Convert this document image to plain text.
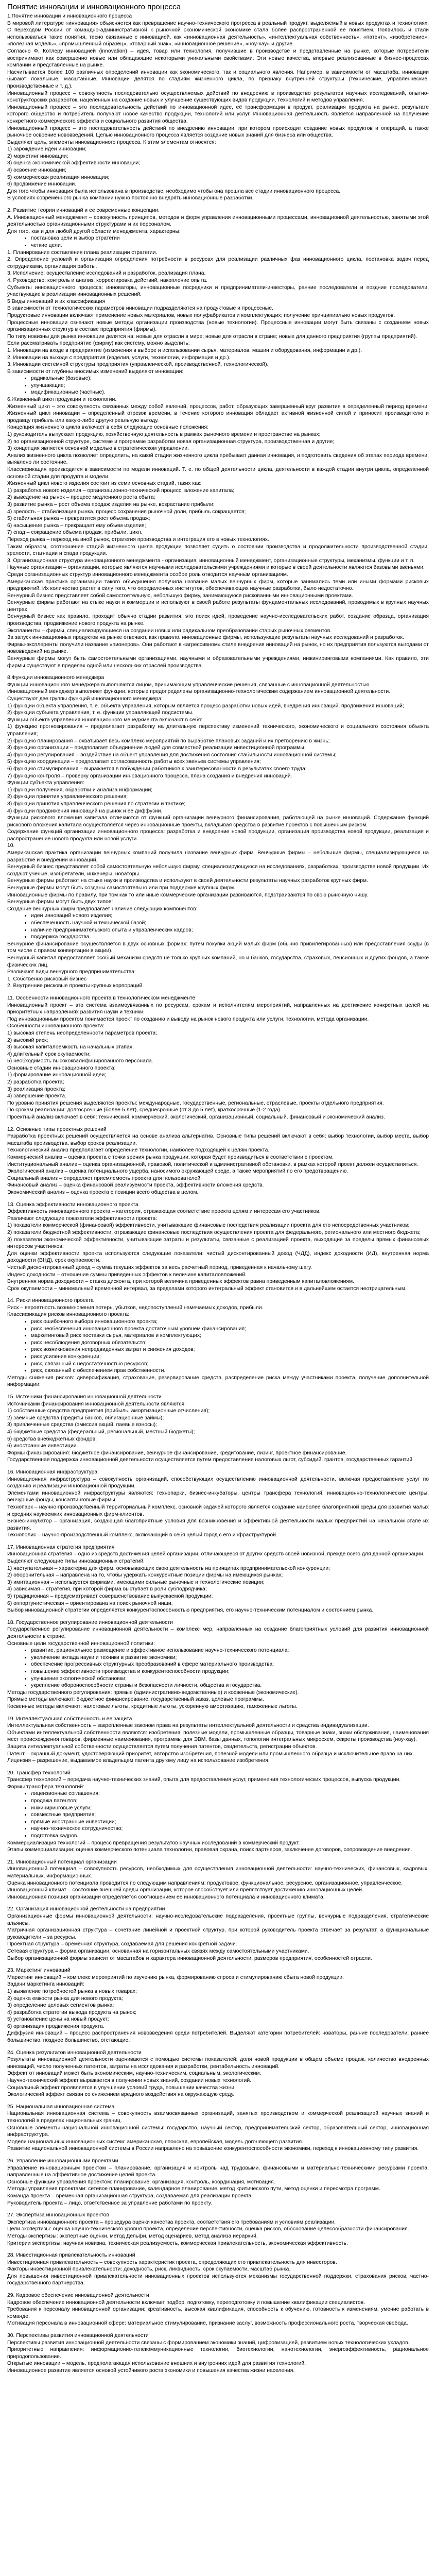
Понятие инновации и инновационного процесса

1.Понятие инновации и инновационного процесса

В мировой литературе «инновация» объясняется как превращение научно-технического прогресса в реальный продукт, выделяемый в новых продуктах и технологиях, С переходом России от командно-административной к рыночной экономической экономике стала более распространенной ее понятием. Появилось и стали использоваться такие понятия, тесно связанные с инновацией, как «инновационная деятельность», «интеллектуальная собственность», «патент», «изобретение», «полезная модель», «промышленный образец», «товарный знак», «инновационное решение», «ноу-хау» и другие.

Согласно Ф. Котлеру инновацией (innovation) – идея, товар или технология, получившие в производстве и представленные на рынке, которые потребители воспринимают как совершенно новые или обладающие некоторыми уникальными свойствами. Эти новые качества, впервые реализованные в бизнес-процессах компании и представленные на рынке.

Насчитывается более 100 различных определений инновации как экономического, так и социального явления. Например, в зависимости от масштаба, инновации бывают локальные, масштабные. Инновации делятся по стадиям жизненного цикла, по признаку внутренней структуры (технические, управленческие, производственные и т. д.).

Инновационный процесс – совокупность последовательно осуществляемых действий по внедрению в производство результатов научных исследований, опытно-конструкторских разработок, нацеленных на создание новых и улучшение существующих видов продукции, технологий и методов управления.

Инновационный процесс – это последовательность действий по инновационной идее, её трансформации в продукт, реализация продукта на рынке, результате которого общество и потребитель получают новое качество продукции, технологий или услуг. Инновационная деятельность является направленной на получение конкретного коммерческого эффекта и социального развития общества.

Инновационный процесс – это последовательность действий по внедрению инновации, при котором происходит создание новых продуктов и операций, а также рыночное освоение нововведений. Целью инновационного процесса является создание новых знаний для бизнеса или общества.

Выделяют цель, элементы инновационного процесса. К этим элементам относятся:

1) зарождение идеи инновации;

2) маркетинг инновации;

3) оценка экономической эффективности инновации;

4) освоение инновации;

5) коммерческая реализация инновации;

6) продвижение инновации.

Для того чтобы инновация была использована в производстве, необходимо чтобы она прошла все стадии инновационного процесса.

В условиях современного рынка компании нужно постоянно внедрять инновационные разработки.

2. Развитие теории инноваций и ее современные концепции.

А. Инновационный менеджмент – совокупность принципов, методов и форм управления инновационными процессами, инновационной деятельностью, занятыми этой деятельностью организационными структурами и их персоналом.

Для того, как и для любой другой области менеджмента, характерны:

• постановка цели и выбор стратегии
• четкие цели.

1. Планирование составления плана реализации стратегии.

2. Определение условий и организация определения потребности в ресурсах для реализации различных фаз инновационного цикла, постановка задач перед сотрудниками, организация работы.

3. Исполнение: осуществление исследований и разработок, реализация плана.

4. Руководство: контроль и анализ, корректировка действий, накопление опыта.

Субъекты инновационного процесса: инноваторы, инновационные посредники и предприниматели-инвесторы, ранние последователи и поздние последователи, участвующие в реализации инновационных решений.

5 Виды инноваций и их классификация

В зависимости от технологических параметров инновации подразделяются на продуктовые и процессные.

Продуктовые инновации включают применение новых материалов, новых полуфабрикатов и комплектующих; получение принципиально новых продуктов.

Процессные инновации означают новые методы организации производства (новые технологии). Процессные инновации могут быть связаны с созданием новых организационных структур в составе предприятия (фирмы).

По типу новизны для рынка инновации делятся на: новые для отрасли в мире; новые для отрасли в стране; новые для данного предприятия (группы предприятий).

Если рассматривать предприятие (фирму) как систему, можно выделить:

1. Инновации на входе в предприятие (изменения в выборе и использовании сырья, материалов, машин и оборудования, информации и др.).

2. Инновации на выходе с предприятия (изделия, услуги, технологии, информация и др.).

3. Инновации системной структуры предприятия (управленческой, производственной, технологической).

В зависимости от глубины вносимых изменений выделяют инновации:

• радикальные (базовые);
• улучшающие;
• модификационные (частные).

6.Жизненный цикл продукции и технологии.

Жизненный цикл – это совокупность связанных между собой явлений, процессов, работ, образующих завершенный круг развития в определенный период времени. Жизненный цикл инновации – определенный отрезок времени, в течение которого инновация обладает активной жизненной силой и приносит производителю и продавцу прибыль или какую-либо другую реальную выгоду.

Концепция жизненного цикла включает в себя следующие основные положения:

1) руководитель выпускает продукцию, хозяйственную деятельность в рамках рыночного времени и пространстве на рынках;

2) по организационной структуре, системе и программе разработки новая организационная структура, производственная и другие;

3) концепция является основной моделью в стратегическом управлении.

Анализ жизненного цикла позволяет определить, на какой стадии жизненного цикла пребывает данная инновация, и подготовить сведения об этапах периода времени, выявлено ли состояние.

Классификация производится в зависимости по модели инноваций. Т. е. по общей деятельности цикла, деятельности в каждой стадии внутри цикла, определенной основной стадии для продукта и модели.

Жизненный цикл нового изделия состоит из семи основных стадий, таких как:

1) разработка нового изделия – организационно-технический процесс, вложение капитала;

2) выведение на рынок – процесс медленного роста сбыта;

3) развитие рынка – рост объема продаж изделия на рынке, возрастание прибыли;

4) зрелость – стабилизация рынка, процесс сохранения рыночной доли, прибыль сокращается;

5) стабильная рынка – превратится рост объема продаж;

6) насыщение рынка – прекращает ему объем изделия;

7) спад – сокращение объема продаж, прибыли, цикл.

Переход рынка – переход на иной рынок, стратегия производства и интеграция его в новых технологиях.

Таким образом, соотношение стадий жизненного цикла продукции позволяет судить о состоянии производства и продолжительности производственной стадии, зрелости, стагнации и спада продукции.

3. Организационная структура инновационного менеджмента - организация, инновационный менеджмент, организационные структуры, механизмы, функции и т. п.

Научные организации – организации, которые являются научными исследовательскими учреждениями и которые в своей деятельности являются базовыми звеньями.

Среди организационных структур инновационного менеджмента особое роль отводится научным организациям.

Американская практика организации такого объединения получила название малых венчурных фирм, которые занимались теми или иными формами рисковых предприятий. Их количество растет в силу того, что определенных институтов, обеспечивающих научные разработки, было недостаточно.

Венчурный бизнес представляет собой самостоятельную, небольшую фирму, занимающуюся рискованными инновационными проектами.

Венчурные фирмы работают на стыке науки и коммерции и используют в своей работе результаты фундаментальных исследований, проводимых в крупных научных центрах.

Венчурный бизнес как правило, проходит обычно стадии развития: это поиск идей, проведение научно-исследовательских работ, создание образца, организация производства, продвижение нового продукта на рынке.

Экспланенты – фирмы, специализирующиеся на создании новых или радикальном преобразовании старых рыночных сегментов.

За запуск инновационных продуктов на рынке отвечают, как правило, инновационные фирмы, использующие результаты научных исследований и разработок.

Фирмы-эксплеренты получили название «пионеров». Они работают в «агрессивном» стиле внедрения инноваций на рынок, но их предприятия пользуются выгодами от нововведений на рынке.

Венчурные фирмы могут быть самостоятельными организациями, научными и образовательными учреждениями, инжиниринговыми компаниями. Как правило, эти фирмы существуют в пределах одной или нескольких отраслей производства.

8.Функции инновационного менеджера

Функции инновационного менеджера выполняются лицом, принимающим управленческие решения, связанные с инновационной деятельностью.

Инновационный менеджер выполняет функции, которые предопределены организационно-технологическим содержанием инновационной деятельности.

Существуют две группы функций инновационного менеджера:

1) функции объекта управления, т. е. объекта управления, которым является процесс разработки новых идей, внедрения инноваций, продвижения инноваций;

2) функции субъекта управления, т. е. функции управляющей подсистемы.

Функции объекта управления инновационного менеджмента включают в себя:

1) функцию прогнозирования – предполагает разработку на длительную перспективу изменений технического, экономического и социального состояния объекта управления;

2) функцию планирования – охватывает весь комплекс мероприятий по выработке плановых заданий и их претворению в жизнь;

3) функцию организации – предполагает объединение людей для совместной реализации инвестиционной программы;

4) функцию регулирования – воздействие на объект управления для достижения состояния стабильности инновационной системы;

5) функцию координации – предполагает согласованность работы всех звеньев системы управления;

6) функцию стимулирования – выражается в побуждении работников к заинтересованности в результатах своего труда;

7) функцию контроля – проверку организации инновационного процесса, плана создания и внедрения инноваций.

Функции субъекта управления:

1) функции получения, обработки и анализа информации;

2) функции принятия управленческого решения;

3) функции принятия управленческого решения по стратегии и тактике;

4) функции продвижения инноваций на рынок и ее диффузии.

Функции рискового вложения капитала отличаются от функций организации венчурного финансирования, работающей на рынке инноваций. Содержание функций рискового вложения капитала осуществляется через инновационные проекты, вкладывая средства в развитие проектов с повышенным риском.

Содержание функций организации инновационного процесса: разработка и внедрение новой продукции, организация производства новой продукции, реализация и распространение нового продукта или новой услуги.

10.

Американская практика организации венчурных компаний получила название венчурных фирм. Венчурные фирмы – небольшие фирмы, специализирующиеся на разработке и внедрении инноваций.

Венчурный бизнес представляет собой самостоятельную небольшую фирму, специализирующуюся на исследованиях, разработках, производстве новой продукции. Их создают ученые, изобретатели, инженеры, новаторы.

Венчурные фирмы работают на стыке науки и производства и используют в своей деятельности результаты научных разработок крупных фирм.

Венчурные фирмы могут быть созданы самостоятельно или при поддержке крупных фирм.

Инновационные фирмы по правилу, при том как то или иные коммерческие организации развиваются, подстраиваются по свою рыночную нишу.

Венчурные фирмы могут быть двух типов:

Создание венчурных фирм предполагает наличие следующих компонентов:

• идеи инноваций нового изделия;
• обеспеченность научной и технической базой;
• наличие предпринимательского опыта и управленческих кадров;
• поддержка государства.

Венчурное финансирование осуществляется в двух основных формах: путем покупки акций малых фирм (обычно привилегированных) или предоставления ссуды (в том числе с правом конвертации в акции).

Венчурный капитал предоставляет особый механизм средств не только крупных компаний, но и банков, государства, страховых, пенсионных и других фондов, а также физических лиц.

Различают виды венчурного предпринимательства:

1. Собственно рисковый бизнес

2. Внутренние рисковые проекты крупных корпораций.

11. Особенности инновационного проекта в технологическом менеджменте

Инновационный проект – это система взаимоувязанных по ресурсам, срокам и исполнителям мероприятий, направленных на достижение конкретных целей на приоритетных направлениях развития науки и техники.

Под инновационным проектом понимается проект по созданию и выводу на рынок нового продукта или услуги, технологии, метода организации.

Особенности инновационного проекта:

1) высокая степень неопределенности параметров проекта;

2) высокий риск;

3) высокая капиталоемкость на начальных этапах;

4) длительный срок окупаемости;

5) необходимость высококвалифицированного персонала.

Основные стадии инновационного проекта:

1) формирование инновационной идеи;

2) разработка проекта;

3) реализация проекта;

4) завершение проекта.

По уровню принятия решения выделяются проекты: международные, государственные, региональные, отраслевые, проекты отдельного предприятия.

По срокам реализации: долгосрочные (более 5 лет), среднесрочные (от 3 до 5 лет), краткосрочные (1-2 года).

Проектный анализ включает в себя: технический, коммерческий, экологический, организационный, социальный, финансовый и экономический анализ.

12. Основные типы проектных решений

Разработка проектных решений осуществляется на основе анализа альтернатив. Основные типы решений включают в себя: выбор технологии, выбор места, выбор масштаба производства, выбор сроков реализации.

Технологический анализ предполагает определение технологии, наиболее подходящей к целям проекта.

Коммерческий анализ – оценка проекта с точки зрения рынка продукции, которая будет производиться в соответствии с проектом.

Институциональный анализ – оценка организационной, правовой, политической и административной обстановки, в рамках которой проект должен осуществляться.

Экологический анализ – оценка потенциального ущерба, наносимого окружающей среде, а также мероприятий по его предотвращению.

Социальный анализ – определяет приемлемость проекта для пользователей.

Финансовый анализ – оценка финансовой реализуемости проекта, эффективности вложения средств.

Экономический анализ – оценка проекта с позиции всего общества в целом.

13. Оценка эффективности инновационного проекта

Эффективность инновационного проекта – категория, отражающая соответствие проекта целям и интересам его участников.

Различают следующие показатели эффективности проекта:

1) показатели коммерческой (финансовой) эффективности, учитывающие финансовые последствия реализации проекта для его непосредственных участников;

2) показатели бюджетной эффективности, отражающие финансовые последствия осуществления проекта для федерального, регионального или местного бюджета;

3) показатели экономической эффективности, учитывающие затраты и результаты, связанные с реализацией проекта, выходящие за пределы прямых финансовых интересов участников.

Для оценки эффективности проекта используются следующие показатели: чистый дисконтированный доход (ЧДД), индекс доходности (ИД), внутренняя норма доходности (ВНД), срок окупаемости.

Чистый дисконтированный доход – сумма текущих эффектов за весь расчетный период, приведенная к начальному шагу.

Индекс доходности – отношение суммы приведенных эффектов к величине капиталовложений.

Внутренняя норма доходности – ставка дисконта, при которой величина приведенных эффектов равна приведенным капиталовложениям.

Срок окупаемости – минимальный временной интервал, за пределами которого интегральный эффект становится и в дальнейшем остается неотрицательным.

14. Риски инновационного проекта

Риск – вероятность возникновения потерь, убытков, недопоступлений намечаемых доходов, прибыли.

Классификация рисков инновационного проекта:

• риск ошибочного выбора инновационного проекта;
• риск необеспечения инновационного проекта достаточным уровнем финансирования;
• маркетинговый риск поставки сырья, материалов и комплектующих;
• риск несоблюдения договорных обязательств;
• риск возникновения непредвиденных затрат и снижения доходов;
• риск усиления конкуренции;
• риск, связанный с недостаточностью ресурсов;
• риск, связанный с обеспечением прав собственности.

Методы снижения рисков: диверсификация, страхование, резервирование средств, распределение риска между участниками проекта, получение дополнительной информации.

15. Источники финансирования инновационной деятельности

Источниками финансирования инновационной деятельности являются:

1) собственные средства предприятия (прибыль, амортизационные отчисления);

2) заемные средства (кредиты банков, облигационные займы);

3) привлеченные средства (эмиссия акций, паевые взносы);

4) бюджетные средства (федеральный, региональный, местный бюджеты);

5) средства внебюджетных фондов;

6) иностранные инвестиции.

Формы финансирования: бюджетное финансирование, венчурное финансирование, кредитование, лизинг, проектное финансирование.

Государственная поддержка инновационной деятельности осуществляется путем предоставления налоговых льгот, субсидий, грантов, государственных гарантий.

16. Инновационная инфраструктура

Инновационная инфраструктура – совокупность организаций, способствующих осуществлению инновационной деятельности, включая предоставление услуг по созданию и реализации инновационной продукции.

Элементами инновационной инфраструктуры являются: технопарки, бизнес-инкубаторы, центры трансфера технологий, инновационно-технологические центры, венчурные фонды, консалтинговые фирмы.

Технопарк – научно-производственный территориальный комплекс, основной задачей которого является создание наиболее благоприятной среды для развития малых и средних наукоемких инновационных фирм-клиентов.

Бизнес-инкубатор – организация, создающая благоприятные условия для возникновения и эффективной деятельности малых предприятий на начальном этапе их развития.

Технополис – научно-производственный комплекс, включающий в себя целый город с его инфраструктурой.

17. Инновационная стратегия предприятия

Инновационная стратегия – одно из средств достижения целей организации, отличающееся от других средств своей новизной, прежде всего для данной организации.

Выделяют следующие типы инновационных стратегий:

1) наступательная – характерна для фирм, основывающих свою деятельность на принципах предпринимательской конкуренции;

2) оборонительная – направлена на то, чтобы удержать конкурентные позиции фирмы на имеющихся рынках;

3) имитационная – используется фирмами, имеющими сильные рыночные и технологические позиции;

4) зависимая – стратегия, при которой фирма выступает в роли субподрядчика;

5) традиционная – предусматривает совершенствование выпускаемой продукции;

6) оппортунистическая – ориентирована на поиск рыночной ниши.

Выбор инновационной стратегии определяется конкурентоспособностью предприятия, его научно-техническим потенциалом и состоянием рынка.

18. Государственное регулирование инновационной деятельности

Государственное регулирование инновационной деятельности – комплекс мер, направленных на создание благоприятных условий для развития инновационной деятельности в стране.

Основные цели государственной инновационной политики:

• развитие, рациональное размещение и эффективное использование научно-технического потенциала;
• увеличение вклада науки и техники в развитие экономики;
• обеспечение прогрессивных структурных преобразований в сфере материального производства;
• повышение эффективности производства и конкурентоспособности продукции;
• улучшение экологической обстановки;
• укрепление обороноспособности страны и безопасности личности, общества и государства.

Методы государственного регулирования: прямые (административно-ведомственные) и косвенные (экономические).

Прямые методы включают: бюджетное финансирование, государственный заказ, целевые программы.

Косвенные методы включают: налоговые льготы, кредитные льготы, ускоренную амортизацию, таможенные льготы.

19. Интеллектуальная собственность и ее защита

Интеллектуальная собственность – закрепленные законом права на результаты интеллектуальной деятельности и средства индивидуализации.

Объектами интеллектуальной собственности являются: изобретения, полезные модели, промышленные образцы, товарные знаки, знаки обслуживания, наименования мест происхождения товаров, фирменные наименования, программы для ЭВМ, базы данных, топологии интегральных микросхем, секреты производства (ноу-хау).

Защита интеллектуальной собственности осуществляется путем получения патентов, свидетельств, регистрации объектов.

Патент – охранный документ, удостоверяющий приоритет, авторство изобретения, полезной модели или промышленного образца и исключительное право на них.

Лицензия – разрешение, выдаваемое владельцем патента другому лицу на использование изобретения.

20. Трансфер технологий

Трансфер технологий – передача научно-технических знаний, опыта для предоставления услуг, применения технологических процессов, выпуска продукции.

Формы трансфера технологий:

• лицензионные соглашения;
• продажа патентов;
• инжиниринговые услуги;
• совместные предприятия;
• прямые иностранные инвестиции;
• научно-техническое сотрудничество;
• подготовка кадров.

Коммерциализация технологий – процесс превращения результатов научных исследований в коммерческий продукт.

Этапы коммерциализации: оценка коммерческого потенциала технологии, правовая охрана, поиск партнеров, заключение договоров, сопровождение внедрения.

21. Инновационный потенциал организации

Инновационный потенциал – совокупность ресурсов, необходимых для осуществления инновационной деятельности: научно-технических, финансовых, кадровых, материальных, информационных.

Оценка инновационного потенциала проводится по следующим направлениям: продуктовое, функциональное, ресурсное, организационное, управленческое.

Инновационный климат – состояние внешней среды организации, которое способствует или препятствует достижению инновационных целей.

Инновационная позиция организации определяется соотношением ее инновационного потенциала и инновационного климата.

22. Организация инновационной деятельности на предприятии

Организационные формы инновационной деятельности: научно-исследовательские подразделения, проектные группы, венчурные подразделения, стратегические альянсы.

Матричная организационная структура – сочетание линейной и проектной структур, при которой руководитель проекта отвечает за результат, а функциональные руководители – за ресурсы.

Проектная структура – временная структура, создаваемая для решения конкретной задачи.

Сетевая структура – форма организации, основанная на горизонтальных связях между самостоятельными участниками.

Выбор организационной формы зависит от масштабов и характера инновационной деятельности, размеров предприятия, особенностей отрасли.

23. Маркетинг инноваций

Маркетинг инноваций – комплекс мероприятий по изучению рынка, формированию спроса и стимулированию сбыта новой продукции.

Задачи маркетинга инноваций:

1) выявление потребностей рынка в новых товарах;

2) оценка емкости рынка для нового продукта;

3) определение целевых сегментов рынка;

4) разработка стратегии вывода продукта на рынок;

5) установление цены на новый продукт;

6) организация продвижения продукта.

Диффузия инноваций – процесс распространения нововведения среди потребителей. Выделяют категории потребителей: новаторы, ранние последователи, раннее большинство, позднее большинство, отстающие.

24. Оценка результатов инновационной деятельности

Результаты инновационной деятельности оцениваются с помощью системы показателей: доля новой продукции в общем объеме продаж, количество внедренных инноваций, число полученных патентов, затраты на исследования и разработки, рентабельность инноваций.

Эффект от инноваций может быть экономическим, научно-техническим, социальным, экологическим.

Научно-технический эффект выражается в получении новых знаний, создании новых технологий.

Социальный эффект проявляется в улучшении условий труда, повышении качества жизни.

Экологический эффект связан со снижением вредного воздействия на окружающую среду.

25. Национальная инновационная система

Национальная инновационная система – совокупность взаимосвязанных организаций, занятых производством и коммерческой реализацией научных знаний и технологий в пределах национальных границ.

Основные элементы национальной инновационной системы: государство, научный сектор, предпринимательский сектор, образовательный сектор, инновационная инфраструктура.

Модели национальных инновационных систем: американская, японская, европейская, модель догоняющего развития.

Развитие национальной инновационной системы в России направлено на повышение конкурентоспособности экономики, переход к инновационному типу развития.

26. Управление инновационными проектами

Управление инновационным проектом – планирование, организация и контроль над трудовыми, финансовыми и материально-техническими ресурсами проекта, направленные на эффективное достижение целей проекта.

Основные функции управления проектом: планирование, организация, контроль, координация, мотивация.

Методы управления проектами: сетевое планирование, календарное планирование, метод критического пути, метод оценки и пересмотра программ.

Команда проекта – временная организационная структура, создаваемая для реализации проекта.

Руководитель проекта – лицо, ответственное за управление работами по проекту.

27. Экспертиза инновационных проектов

Экспертиза инновационного проекта – процедура оценки качества проекта, соответствия его требованиям и условиям реализации.

Цели экспертизы: оценка научно-технического уровня проекта, определение перспективности, оценка рисков, обоснование целесообразности финансирования.

Методы экспертизы: экспертные оценки, метод Дельфи, метод сценариев, метод анализа иерархий.

Критерии экспертизы: научная новизна, техническая реализуемость, коммерческая привлекательность, экономическая эффективность.

28. Инвестиционная привлекательность инноваций

Инвестиционная привлекательность – совокупность характеристик проекта, определяющих его привлекательность для инвесторов.

Факторы инвестиционной привлекательности: доходность, риск, ликвидность, срок окупаемости, масштаб рынка.

Для повышения инвестиционной привлекательности инновационных проектов используются механизмы государственной поддержки, страхования рисков, частно-государственного партнерства.

29. Кадровое обеспечение инновационной деятельности

Кадровое обеспечение инновационной деятельности включает подбор, подготовку, переподготовку и повышение квалификации специалистов.

Требования к персоналу инновационной организации: креативность, высокая квалификация, способность к обучению, готовность к изменениям, умение работать в команде.

Мотивация персонала в инновационной сфере: материальное стимулирование, признание заслуг, возможность профессионального роста, творческая свобода.

30. Перспективы развития инновационной деятельности

Перспективы развития инновационной деятельности связаны с формированием экономики знаний, цифровизацией, развитием новых технологических укладов.

Приоритетные направления: информационно-телекоммуникационные технологии, биотехнологии, нанотехнологии, энергоэффективность, рациональное природопользование.

Открытые инновации – модель, предполагающая использование внешних и внутренних идей для развития технологий.

Инновационное развитие является основой устойчивого роста экономики и повышения качества жизни населения.
